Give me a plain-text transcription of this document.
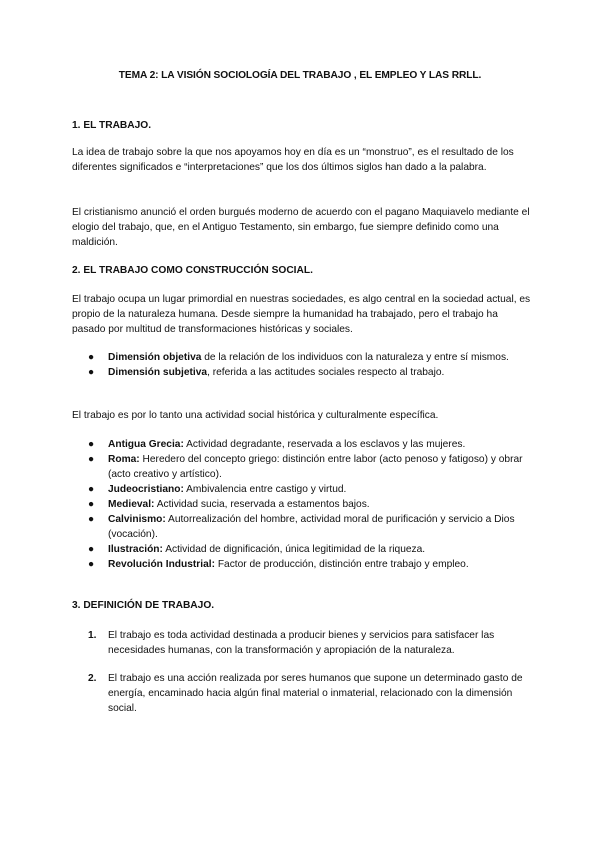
TEMA 2: LA VISIÓN SOCIOLOGÍA DEL TRABAJO , EL EMPLEO Y LAS RRLL.
1. EL TRABAJO.
La idea de trabajo sobre la que nos apoyamos hoy en día es un “monstruo”, es el resultado de los diferentes significados e “interpretaciones” que los dos últimos siglos han dado a la palabra.
El cristianismo anunció el orden burgués moderno de acuerdo con el pagano Maquiavelo mediante el elogio del trabajo, que, en el Antiguo Testamento, sin embargo, fue siempre definido como una maldición.
2. EL TRABAJO COMO CONSTRUCCIÓN SOCIAL.
El trabajo ocupa un lugar primordial en nuestras sociedades, es algo central en la sociedad actual, es propio de la naturaleza humana. Desde siempre la humanidad ha trabajado, pero el trabajo ha pasado por multitud de transformaciones históricas y sociales.
● Dimensión objetiva de la relación de los individuos con la naturaleza y entre sí mismos.
● Dimensión subjetiva, referida a las actitudes sociales respecto al trabajo.
El trabajo es por lo tanto una actividad social histórica y culturalmente específica.
● Antigua Grecia: Actividad degradante, reservada a los esclavos y las mujeres.
● Roma: Heredero del concepto griego: distinción entre labor (acto penoso y fatigoso) y obrar (acto creativo y artístico).
● Judeocristiano: Ambivalencia entre castigo y virtud.
● Medieval: Actividad sucia, reservada a estamentos bajos.
● Calvinismo: Autorrealización del hombre, actividad moral de purificación y servicio a Dios (vocación).
● Ilustración: Actividad de dignificación, única legitimidad de la riqueza.
● Revolución Industrial: Factor de producción, distinción entre trabajo y empleo.
3. DEFINICIÓN DE TRABAJO.
1. El trabajo es toda actividad destinada a producir bienes y servicios para satisfacer las necesidades humanas, con la transformación y apropiación de la naturaleza.
2. El trabajo es una acción realizada por seres humanos que supone un determinado gasto de energía, encaminado hacia algún final material o inmaterial, relacionado con la dimensión social.
